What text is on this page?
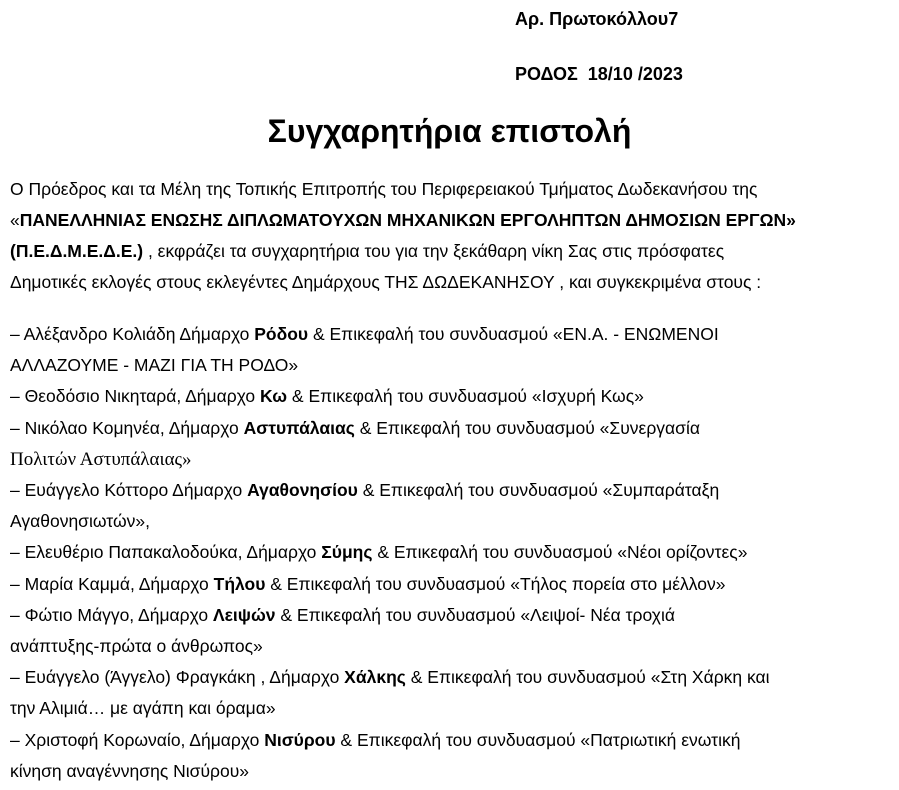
Αρ. Πρωτοκόλλου7
ΡΟΔΟΣ  18/10 /2023
Συγχαρητήρια επιστολή

Ο Πρόεδρος και τα Μέλη της Τοπικής Επιτροπής του Περιφερειακού Τμήματος Δωδεκανήσου της

«ΠΑΝΕΛΛΗΝΙΑΣ ΕΝΩΣΗΣ ΔΙΠΛΩΜΑΤΟΥΧΩΝ ΜΗΧΑΝΙΚΩΝ ΕΡΓΟΛΗΠΤΩΝ ΔΗΜΟΣΙΩΝ ΕΡΓΩΝ»

(Π.Ε.Δ.Μ.Ε.Δ.Ε.) , εκφράζει τα συγχαρητήρια του για την ξεκάθαρη νίκη Σας στις πρόσφατες

Δημοτικές εκλογές στους εκλεγέντες Δημάρχους ΤΗΣ ΔΩΔΕΚΑΝΗΣΟΥ , και συγκεκριμένα στους :

– Αλέξανδρο Κολιάδη Δήμαρχο Ρόδου & Επικεφαλή του συνδυασμού «ΕΝ.Α. - ΕΝΩΜΕΝΟΙ
ΑΛΛΑΖΟΥΜΕ - ΜΑΖΙ ΓΙΑ ΤΗ ΡΟΔΟ»
– Θεοδόσιο Νικηταρά, Δήμαρχο Κω & Επικεφαλή του συνδυασμού «Ισχυρή Κως»
– Νικόλαο Κομηνέα, Δήμαρχο Αστυπάλαιας & Επικεφαλή του συνδυασμού «Συνεργασία
Πολιτών Αστυπάλαιας»
– Ευάγγελο Κόττορο Δήμαρχο Αγαθονησίου & Επικεφαλή του συνδυασμού «Συμπαράταξη
Αγαθονησιωτών»,
– Ελευθέριο Παπακαλοδούκα, Δήμαρχο Σύμης & Επικεφαλή του συνδυασμού «Νέοι ορίζοντες»
– Μαρία Καμμά, Δήμαρχο Τήλου & Επικεφαλή του συνδυασμού «Τήλος πορεία στο μέλλον»
– Φώτιο Μάγγο, Δήμαρχο Λειψών & Επικεφαλή του συνδυασμού «Λειψοί- Νέα τροχιά
ανάπτυξης-πρώτα ο άνθρωπος»
– Ευάγγελο (Άγγελο) Φραγκάκη , Δήμαρχο Χάλκης & Επικεφαλή του συνδυασμού «Στη Χάρκη και
την Αλιμιά… με αγάπη και όραμα»
– Χριστοφή Κορωναίο, Δήμαρχο Νισύρου & Επικεφαλή του συνδυασμού «Πατριωτική ενωτική
κίνηση αναγέννησης Νισύρου»
